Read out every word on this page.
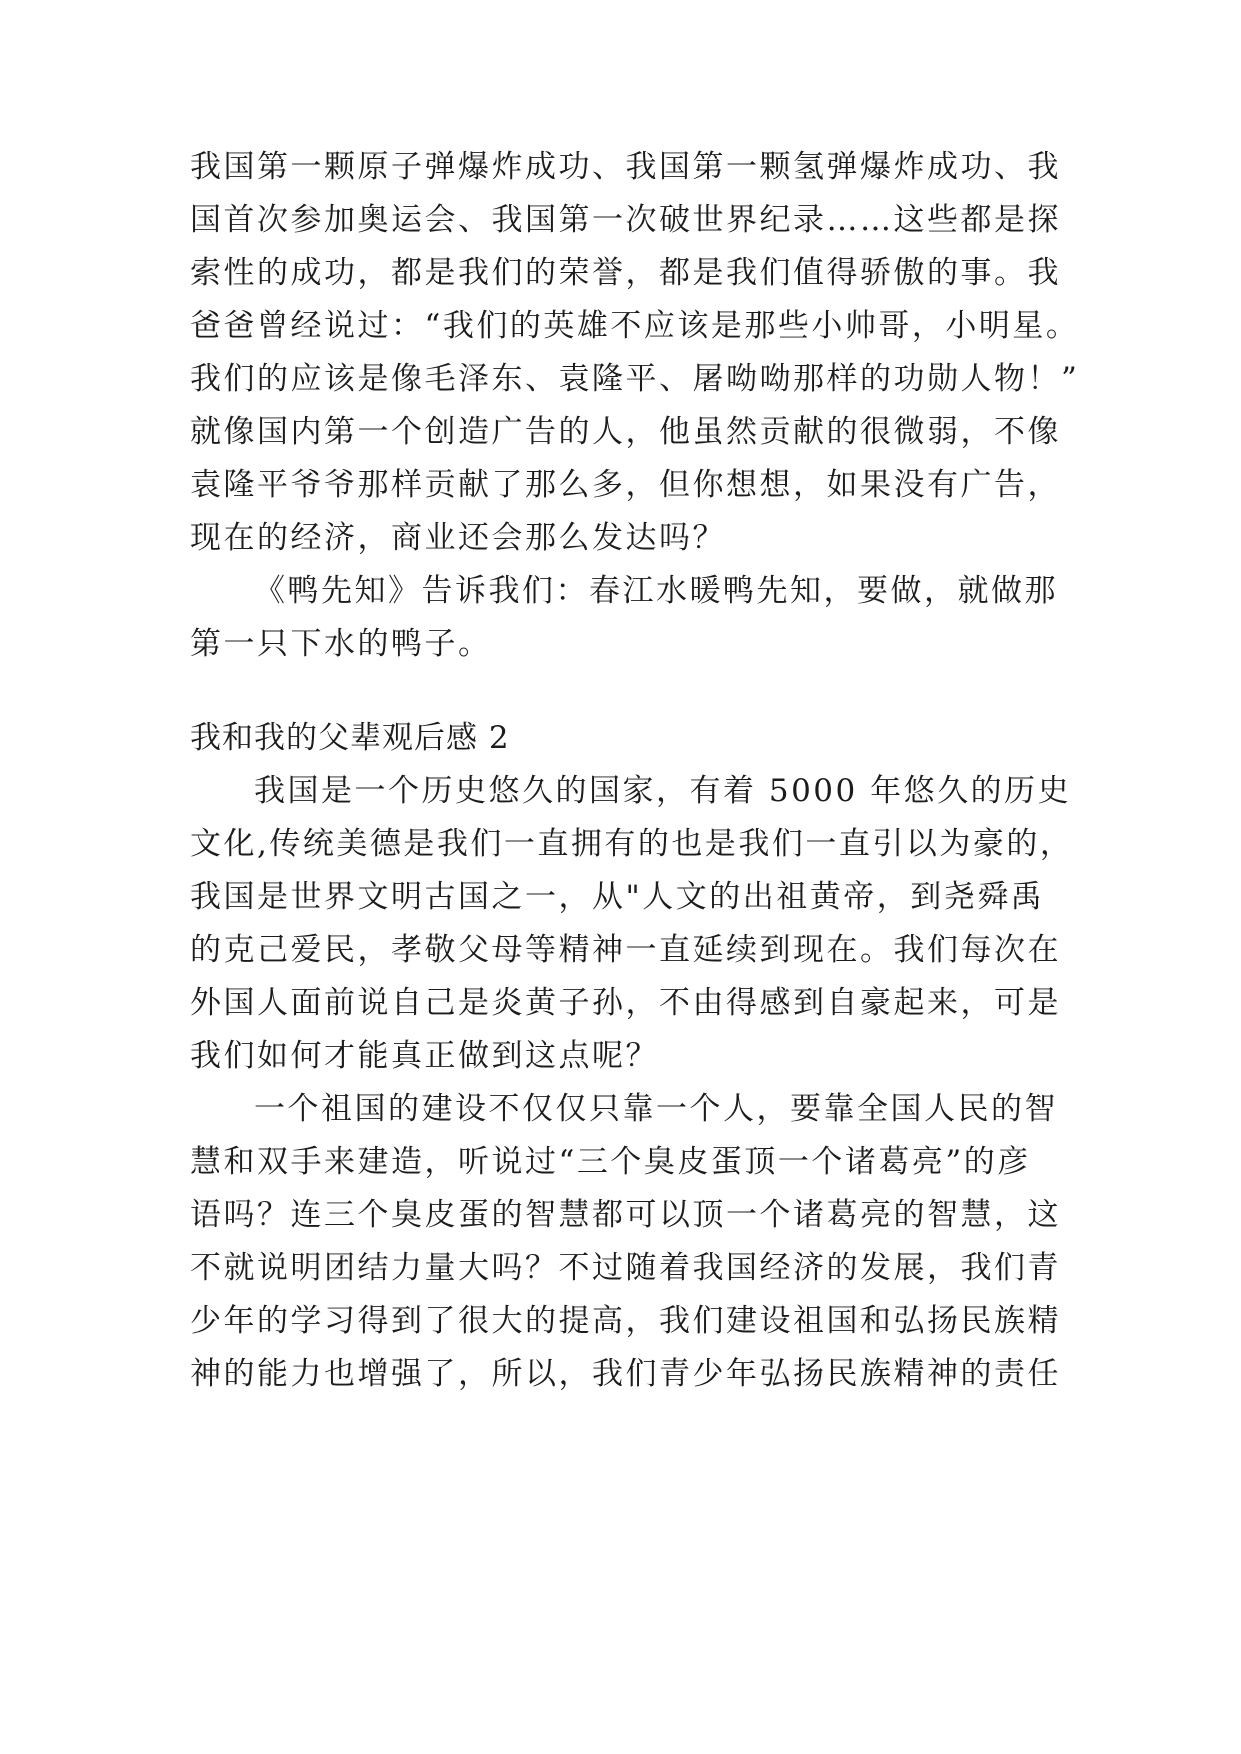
我国第一颗原子弹爆炸成功、我国第一颗氢弹爆炸成功、我
国首次参加奥运会、我国第一次破世界纪录……这些都是探
索性的成功，都是我们的荣誉，都是我们值得骄傲的事。我
爸爸曾经说过：“我们的英雄不应该是那些小帅哥，小明星。
我们的应该是像毛泽东、袁隆平、屠呦呦那样的功勋人物！”
就像国内第一个创造广告的人，他虽然贡献的很微弱，不像
袁隆平爷爷那样贡献了那么多，但你想想，如果没有广告，
现在的经济，商业还会那么发达吗？
《鸭先知》告诉我们：春江水暖鸭先知，要做，就做那
第一只下水的鸭子。
我和我的父辈观后感 2
我国是一个历史悠久的国家，有着 5000 年悠久的历史
文化,传统美德是我们一直拥有的也是我们一直引以为豪的，
我国是世界文明古国之一，从"人文的出祖黄帝，到尧舜禹
的克己爱民，孝敬父母等精神一直延续到现在。我们每次在
外国人面前说自己是炎黄子孙，不由得感到自豪起来，可是
我们如何才能真正做到这点呢？
一个祖国的建设不仅仅只靠一个人，要靠全国人民的智
慧和双手来建造，听说过“三个臭皮蛋顶一个诸葛亮”的彦
语吗？连三个臭皮蛋的智慧都可以顶一个诸葛亮的智慧，这
不就说明团结力量大吗？不过随着我国经济的发展，我们青
少年的学习得到了很大的提高，我们建设祖国和弘扬民族精
神的能力也增强了，所以，我们青少年弘扬民族精神的责任
